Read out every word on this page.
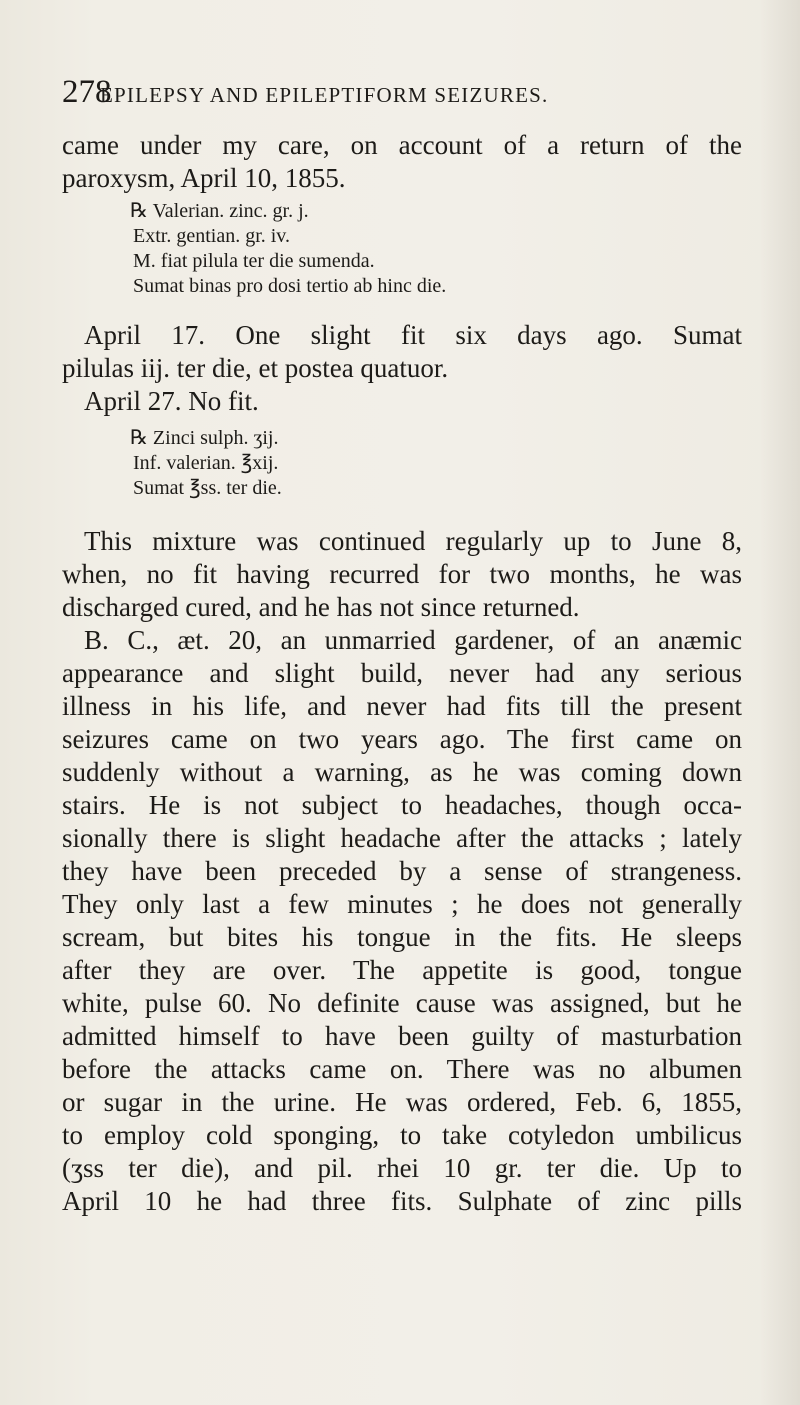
278
EPILEPSY AND EPILEPTIFORM SEIZURES.
came under my care, on account of a return of the
paroxysm, April 10, 1855.
℞ Valerian. zinc. gr. j.
Extr. gentian. gr. iv.
M. fiat pilula ter die sumenda.
Sumat binas pro dosi tertio ab hinc die.
April 17. One slight fit six days ago. Sumat
pilulas iij. ter die, et postea quatuor.
April 27. No fit.
℞ Zinci sulph. ʒij.
Inf. valerian. ℥xij.
Sumat ℥ss. ter die.
This mixture was continued regularly up to June 8,
when, no fit having recurred for two months, he was
discharged cured, and he has not since returned.
B. C., æt. 20, an unmarried gardener, of an anæmic
appearance and slight build, never had any serious
illness in his life, and never had fits till the present
seizures came on two years ago. The first came on
suddenly without a warning, as he was coming down
stairs. He is not subject to headaches, though occa-
sionally there is slight headache after the attacks ; lately
they have been preceded by a sense of strangeness.
They only last a few minutes ; he does not generally
scream, but bites his tongue in the fits. He sleeps
after they are over. The appetite is good, tongue
white, pulse 60. No definite cause was assigned, but he
admitted himself to have been guilty of masturbation
before the attacks came on. There was no albumen
or sugar in the urine. He was ordered, Feb. 6, 1855,
to employ cold sponging, to take cotyledon umbilicus
(ʒss ter die), and pil. rhei 10 gr. ter die. Up to
April 10 he had three fits. Sulphate of zinc pills
